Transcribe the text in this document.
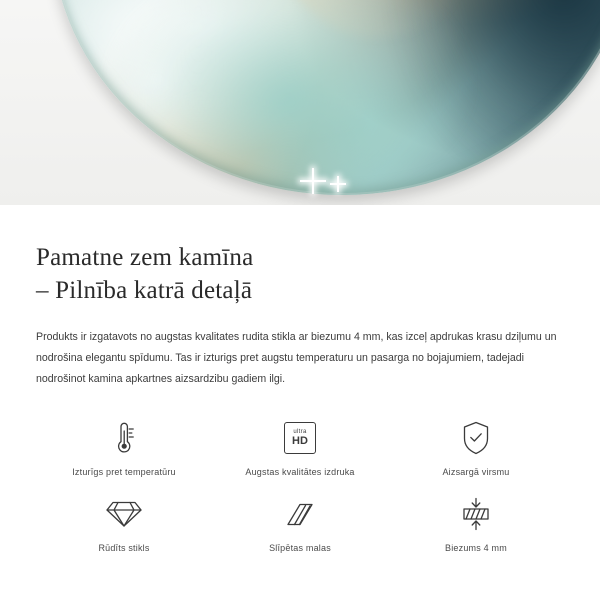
Pamatne zem kamīna
– Pilnība katrā detaļā

Produkts ir izgatavots no augstas kvalitates rudita stikla ar biezumu 4 mm, kas izceļ apdrukas krasu dziļumu un nodrošina elegantu spīdumu. Tas ir izturigs pret augstu temperaturu un pasarga no bojajumiem, tadejadi nodrošinot kamina apkartnes aizsardzibu gadiem ilgi.

Izturīgs pret temperatūru
ultra
HD
Augstas kvalitātes izdruka	Aizsargā virsmu
Rūdīts stikls	Slīpētas malas	Biezums 4 mm
